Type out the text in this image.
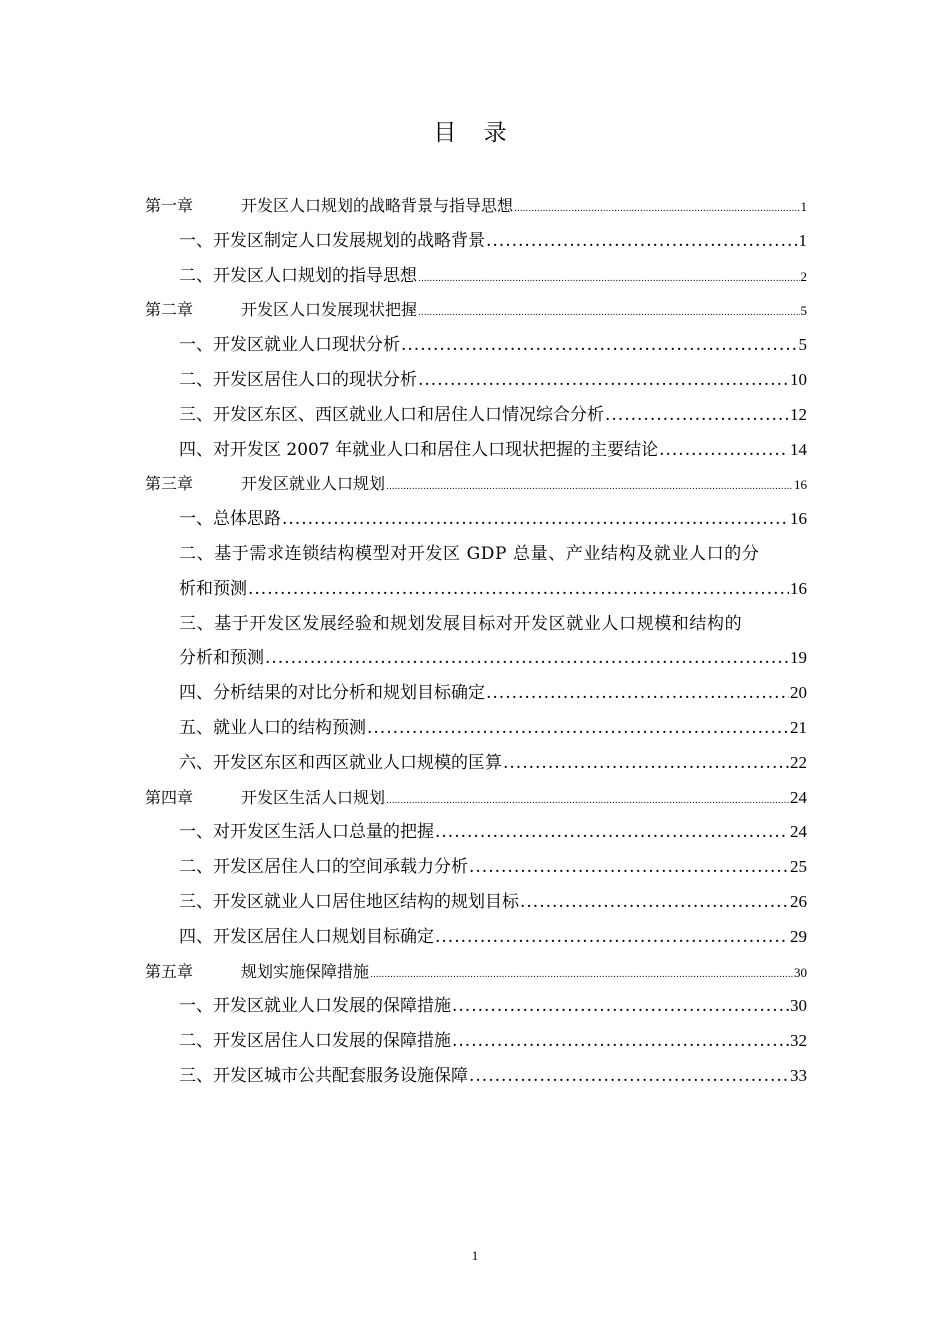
目 录
第一章	开发区人口规划的战略背景与指导思想 .....	1
一、开发区制定人口发展规划的战略背景 .....	1
二、开发区人口规划的指导思想 .....	2
第二章	开发区人口发展现状把握 .....	5
一、开发区就业人口现状分析 .....	5
二、开发区居住人口的现状分析 .....	10
三、开发区东区、西区就业人口和居住人口情况综合分析 .....	12
四、对开发区 2007 年就业人口和居住人口现状把握的主要结论 .....	14
第三章	开发区就业人口规划 .....	16
一、总体思路 .....	16
二、基于需求连锁结构模型对开发区 GDP 总量、产业结构及就业人口的分
析和预测 .....	16
三、基于开发区发展经验和规划发展目标对开发区就业人口规模和结构的
分析和预测 .....	19
四、分析结果的对比分析和规划目标确定 .....	20
五、就业人口的结构预测 .....	21
六、开发区东区和西区就业人口规模的匡算 .....	22
第四章	开发区生活人口规划 .....	24
一、对开发区生活人口总量的把握 .....	24
二、开发区居住人口的空间承载力分析 .....	25
三、开发区就业人口居住地区结构的规划目标 .....	26
四、开发区居住人口规划目标确定 .....	29
第五章	规划实施保障措施 .....	30
一、开发区就业人口发展的保障措施 .....	30
二、开发区居住人口发展的保障措施 .....	32
三、开发区城市公共配套服务设施保障 .....	33
1
